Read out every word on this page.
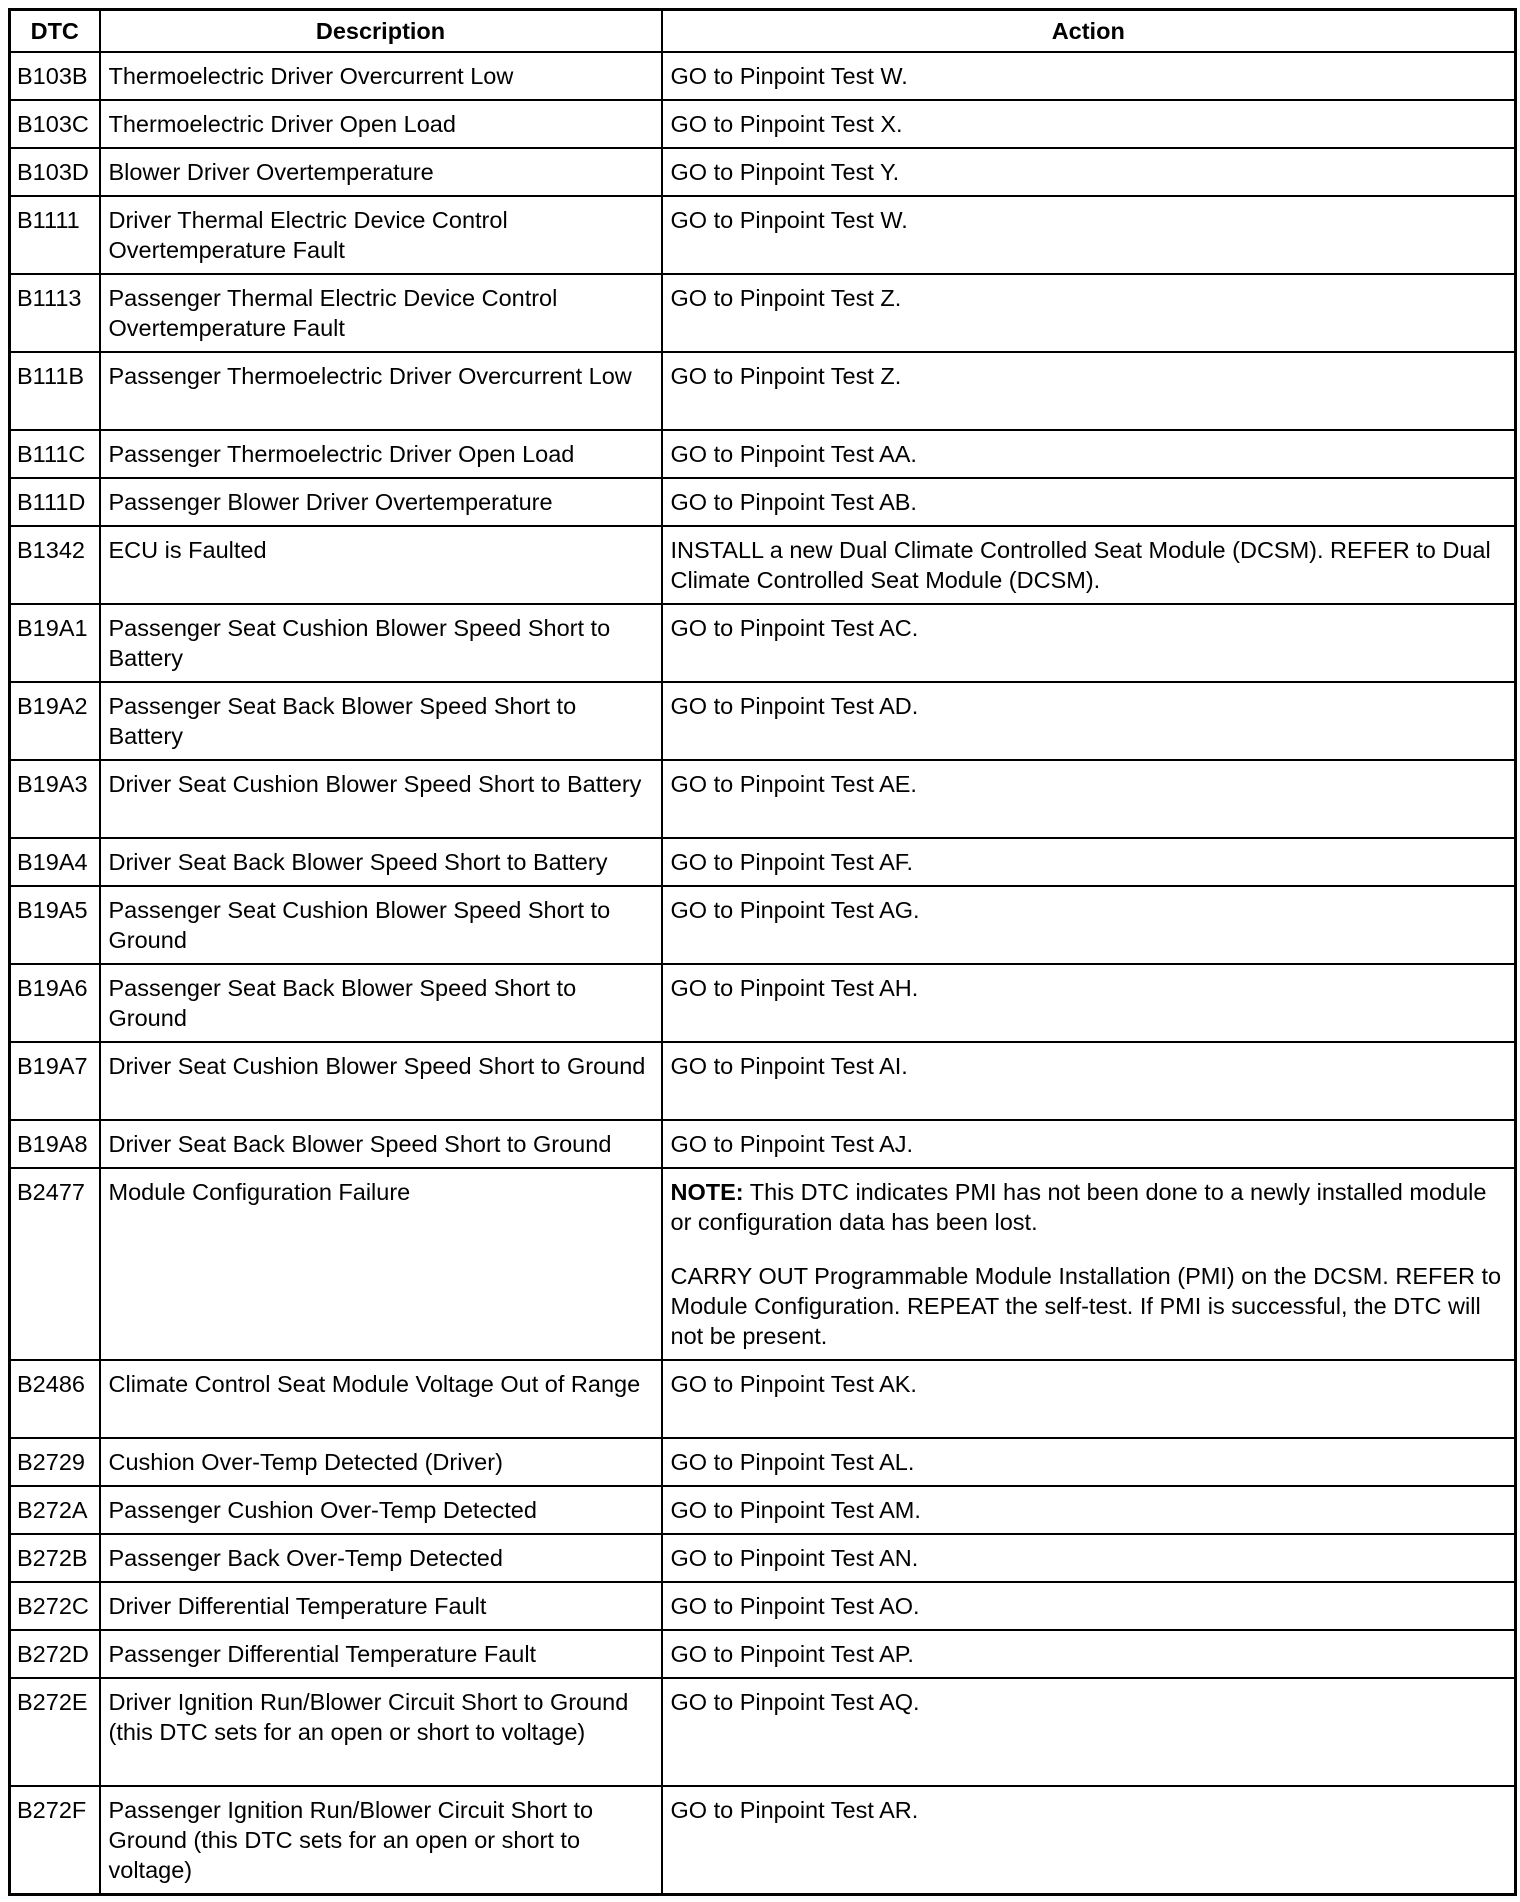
DTC	Description	Action
B103B	Thermoelectric Driver Overcurrent Low	GO to Pinpoint Test W.
B103C	Thermoelectric Driver Open Load	GO to Pinpoint Test X.
B103D	Blower Driver Overtemperature	GO to Pinpoint Test Y.
B1111	Driver Thermal Electric Device Control Overtemperature Fault	GO to Pinpoint Test W.
B1113	Passenger Thermal Electric Device Control Overtemperature Fault	GO to Pinpoint Test Z.
B111B	Passenger Thermoelectric Driver Overcurrent Low	GO to Pinpoint Test Z.
B111C	Passenger Thermoelectric Driver Open Load	GO to Pinpoint Test AA.
B111D	Passenger Blower Driver Overtemperature	GO to Pinpoint Test AB.
B1342	ECU is Faulted	INSTALL a new Dual Climate Controlled Seat Module (DCSM). REFER to Dual Climate Controlled Seat Module (DCSM).
B19A1	Passenger Seat Cushion Blower Speed Short to Battery	GO to Pinpoint Test AC.
B19A2	Passenger Seat Back Blower Speed Short to Battery	GO to Pinpoint Test AD.
B19A3	Driver Seat Cushion Blower Speed Short to Battery	GO to Pinpoint Test AE.
B19A4	Driver Seat Back Blower Speed Short to Battery	GO to Pinpoint Test AF.
B19A5	Passenger Seat Cushion Blower Speed Short to Ground	GO to Pinpoint Test AG.
B19A6	Passenger Seat Back Blower Speed Short to Ground	GO to Pinpoint Test AH.
B19A7	Driver Seat Cushion Blower Speed Short to Ground	GO to Pinpoint Test AI.
B19A8	Driver Seat Back Blower Speed Short to Ground	GO to Pinpoint Test AJ.
B2477	Module Configuration Failure	NOTE: This DTC indicates PMI has not been done to a newly installed module or configuration data has been lost.

CARRY OUT Programmable Module Installation (PMI) on the DCSM. REFER to Module Configuration. REPEAT the self-test. If PMI is successful, the DTC will not be present.

B2486	Climate Control Seat Module Voltage Out of Range	GO to Pinpoint Test AK.
B2729	Cushion Over-Temp Detected (Driver)	GO to Pinpoint Test AL.
B272A	Passenger Cushion Over-Temp Detected	GO to Pinpoint Test AM.
B272B	Passenger Back Over-Temp Detected	GO to Pinpoint Test AN.
B272C	Driver Differential Temperature Fault	GO to Pinpoint Test AO.
B272D	Passenger Differential Temperature Fault	GO to Pinpoint Test AP.
B272E	Driver Ignition Run/Blower Circuit Short to Ground (this DTC sets for an open or short to voltage)	GO to Pinpoint Test AQ.
B272F	Passenger Ignition Run/Blower Circuit Short to Ground (this DTC sets for an open or short to voltage)	GO to Pinpoint Test AR.
